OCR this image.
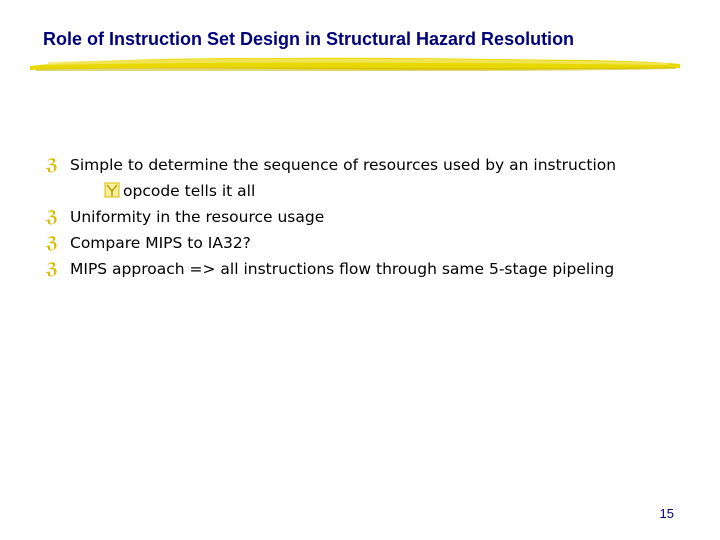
Role of Instruction Set Design in Structural Hazard Resolution
ℨ Simple to determine the sequence of resources used by an instruction
opcode tells it all
ℨ Uniformity in the resource usage
ℨ Compare MIPS to IA32?
ℨ MIPS approach => all instructions flow through same 5-stage pipeling
15
